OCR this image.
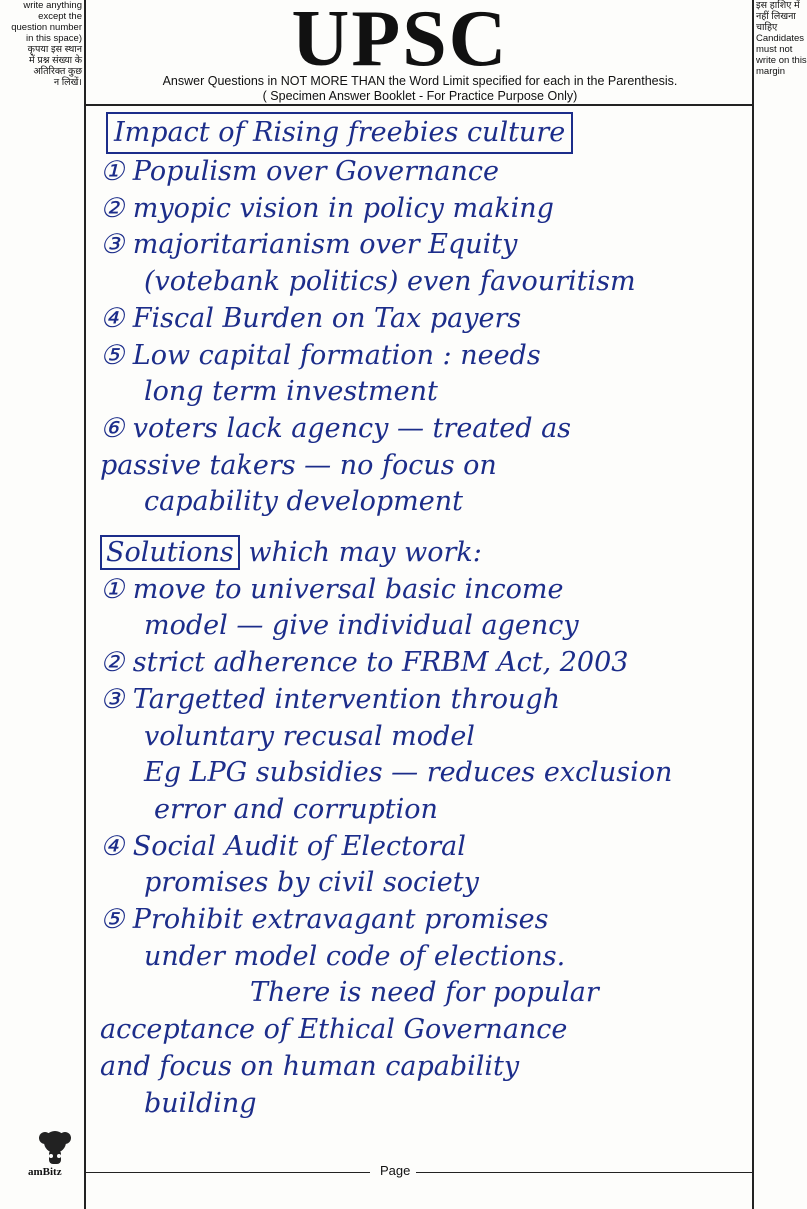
write anything
except the
question number
in this space)
कृपया इस स्थान
में प्रश्न संख्या के
अतिरिक्त कुछ
न लिखें।
इस हाशिए में
नहीं लिखना
चाहिए
Candidates
must not
write on this
margin
UPSC
Answer Questions in NOT MORE THAN the Word Limit specified for each in the Parenthesis.
( Specimen Answer Booklet - For Practice Purpose Only)
Impact of Rising freebies culture
① Populism over Governance
② myopic vision in policy making
③ majoritarianism over Equity
(votebank politics) even favouritism
④ Fiscal Burden on Tax payers
⑤ Low capital formation : needs
long term investment
⑥ voters lack agency — treated as
passive takers — no focus on
capability development
Solutions which may work:
① move to universal basic income
model — give individual agency
② strict adherence to FRBM Act, 2003
③ Targetted intervention through
voluntary recusal model
Eg LPG subsidies — reduces exclusion
error and corruption
④ Social Audit of Electoral
promises by civil society
⑤ Prohibit extravagant promises
under model code of elections.
There is need for popular
acceptance of Ethical Governance
and focus on human capability
building
amBitz	Page
